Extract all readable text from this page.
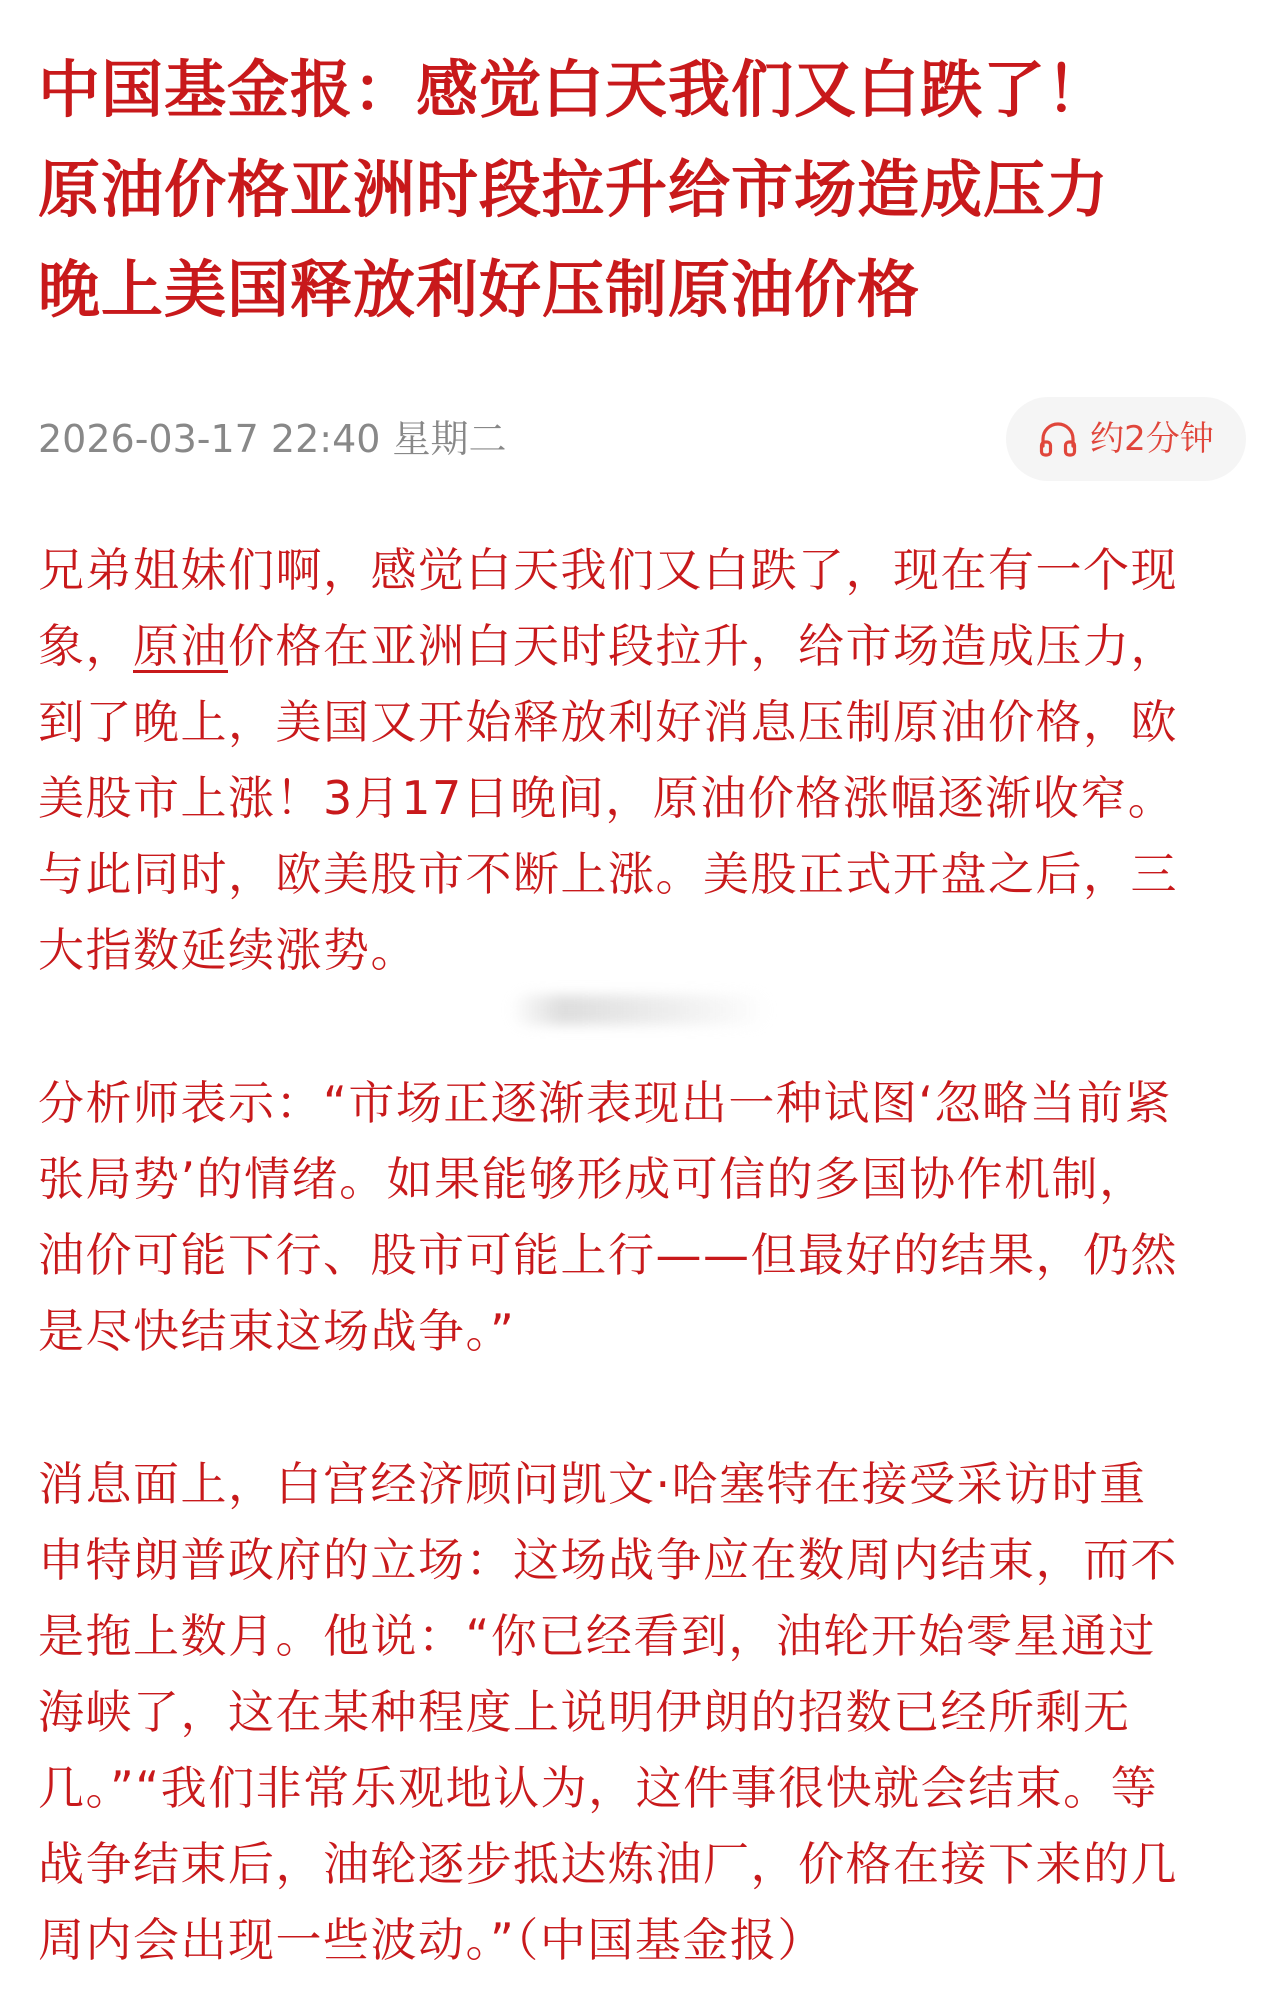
中国基金报：感觉白天我们又白跌了！
原油价格亚洲时段拉升给市场造成压力
晚上美国释放利好压制原油价格
2026-03-17 22:40 星期二	约2分钟
兄弟姐妹们啊，感觉白天我们又白跌了，现在有一个现
象，原油价格在亚洲白天时段拉升，给市场造成压力，
到了晚上，美国又开始释放利好消息压制原油价格，欧
美股市上涨！3月17日晚间，原油价格涨幅逐渐收窄。
与此同时，欧美股市不断上涨。美股正式开盘之后，三
大指数延续涨势。
分析师表示：“市场正逐渐表现出一种试图‘忽略当前紧
张局势’的情绪。如果能够形成可信的多国协作机制，
油价可能下行、股市可能上行——但最好的结果，仍然
是尽快结束这场战争。”
消息面上，白宫经济顾问凯文·哈塞特在接受采访时重
申特朗普政府的立场：这场战争应在数周内结束，而不
是拖上数月。他说：“你已经看到，油轮开始零星通过
海峡了，这在某种程度上说明伊朗的招数已经所剩无
几。”“我们非常乐观地认为，这件事很快就会结束。等
战争结束后，油轮逐步抵达炼油厂，价格在接下来的几
周内会出现一些波动。”（中国基金报）
